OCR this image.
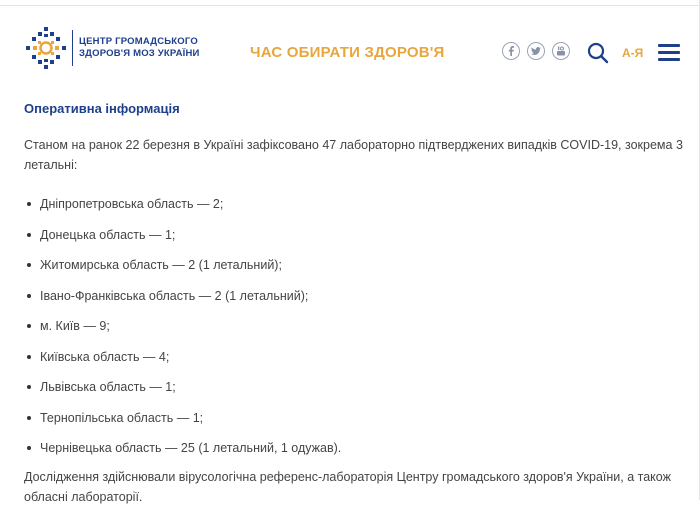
ЦЕНТР ГРОМАДСЬКОГО
ЗДОРОВ'Я МОЗ УКРАЇНИ	ЧАС ОБИРАТИ ЗДОРОВ'Я	А-Я
Оперативна інформація

Станом на ранок 22 березня в Україні зафіксовано 47 лабораторно підтверджених випадків COVID-19, зокрема 3 летальні:

Дніпропетровська область — 2;
Донецька область — 1;
Житомирська область — 2 (1 летальний);
Івано-Франківська область — 2 (1 летальний);
м. Київ — 9;
Київська область — 4;
Львівська область — 1;
Тернопільська область — 1;
Чернівецька область — 25 (1 летальний, 1 одужав).

Дослідження здійснювали вірусологічна референс-лабораторія Центру громадського здоров'я України, а також обласні лабораторії.
